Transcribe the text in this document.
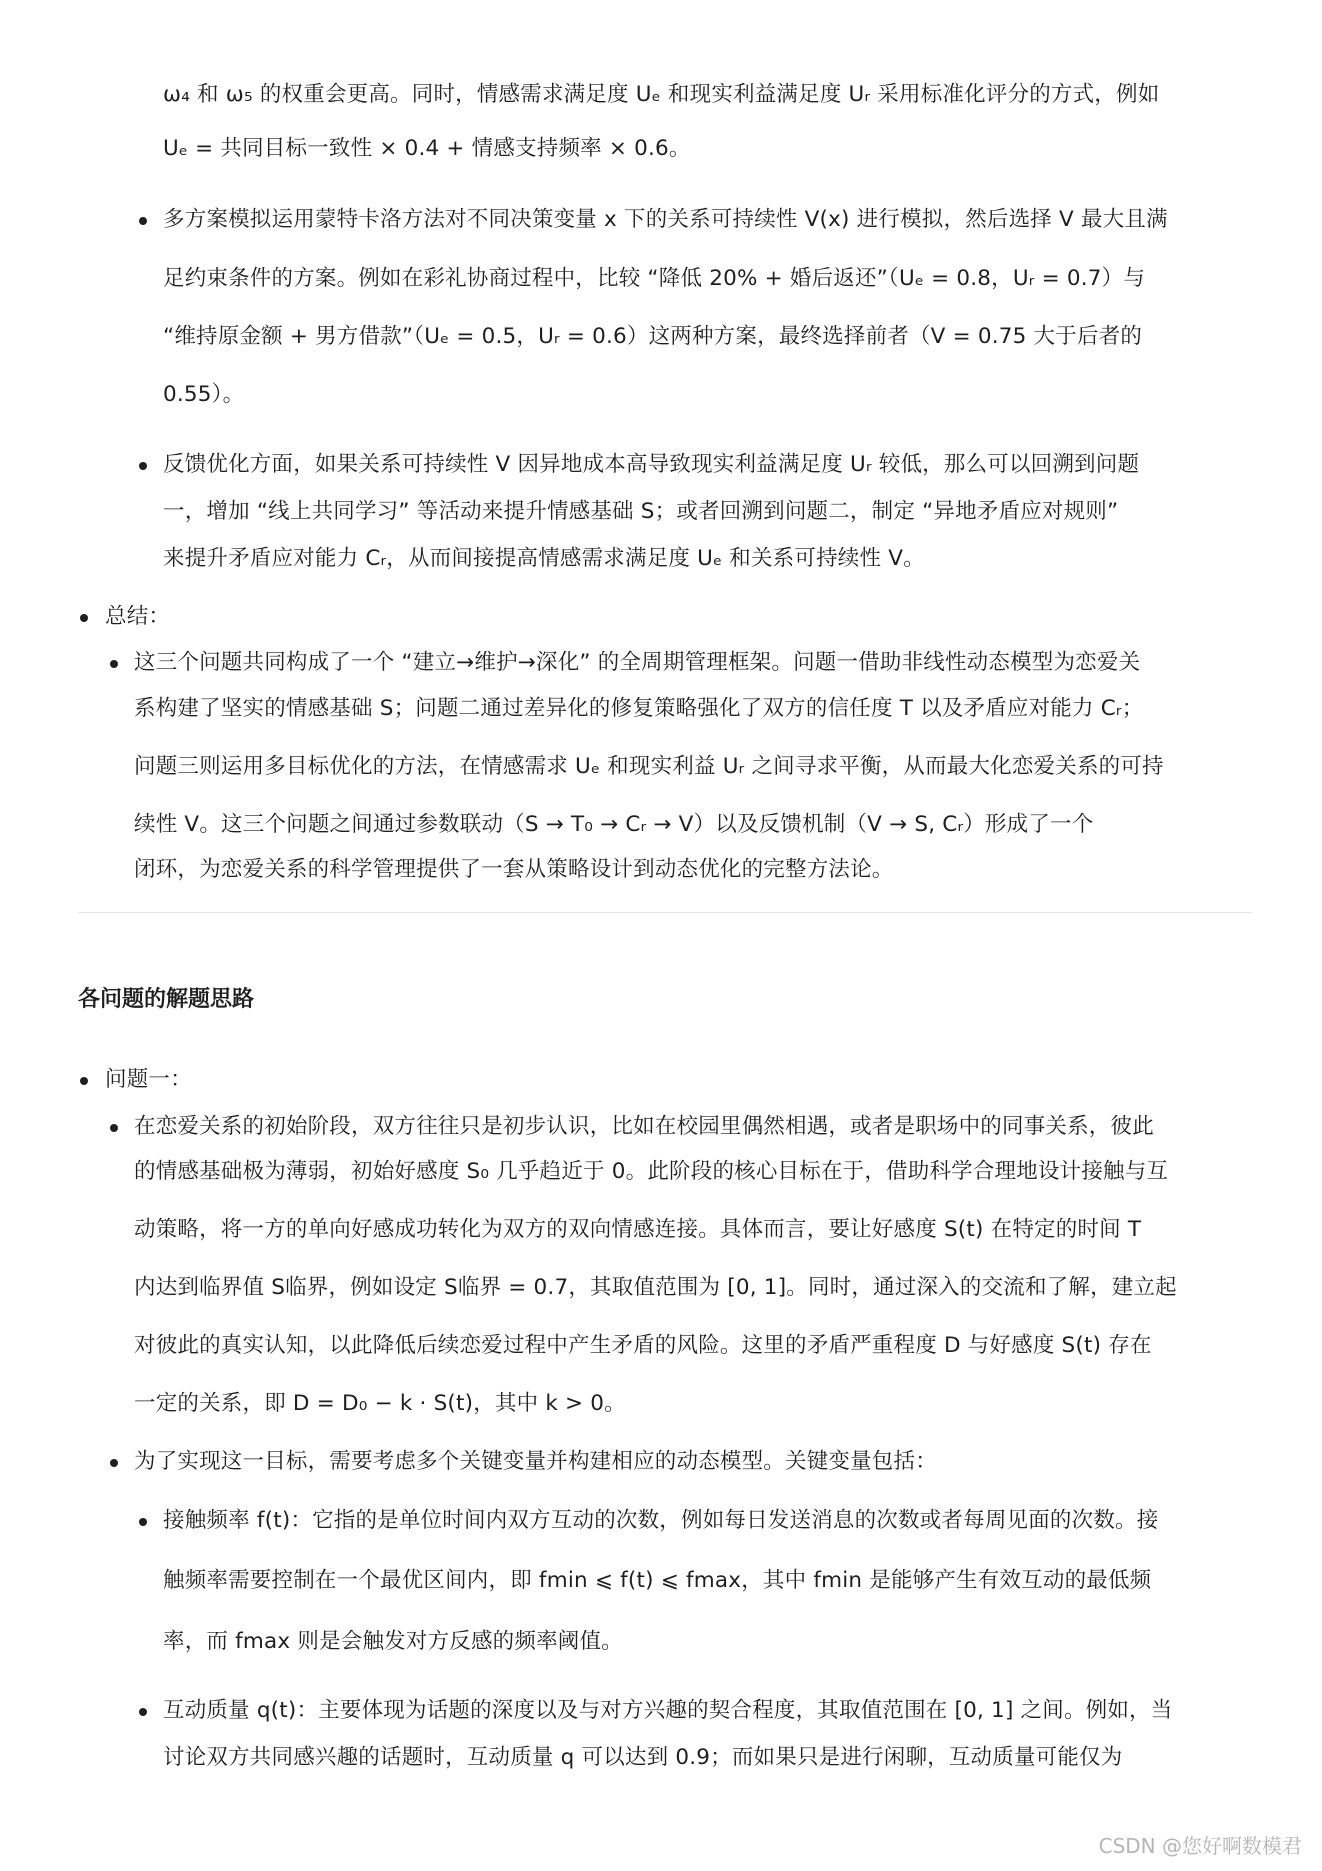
ω₄ 和 ω₅ 的权重会更高。同时，情感需求满足度 Uₑ 和现实利益满足度 Uᵣ 采用标准化评分的方式，例如
Uₑ = 共同目标一致性 × 0.4 + 情感支持频率 × 0.6。
多方案模拟运用蒙特卡洛方法对不同决策变量 x 下的关系可持续性 V(x) 进行模拟，然后选择 V 最大且满
足约束条件的方案。例如在彩礼协商过程中，比较 “降低 20% + 婚后返还”（Uₑ = 0.8，Uᵣ = 0.7）与
“维持原金额 + 男方借款”（Uₑ = 0.5，Uᵣ = 0.6）这两种方案，最终选择前者（V = 0.75 大于后者的
0.55）。
反馈优化方面，如果关系可持续性 V 因异地成本高导致现实利益满足度 Uᵣ 较低，那么可以回溯到问题
一，增加 “线上共同学习” 等活动来提升情感基础 S；或者回溯到问题二，制定 “异地矛盾应对规则”
来提升矛盾应对能力 Cᵣ，从而间接提高情感需求满足度 Uₑ 和关系可持续性 V。
总结：
这三个问题共同构成了一个 “建立→维护→深化” 的全周期管理框架。问题一借助非线性动态模型为恋爱关
系构建了坚实的情感基础 S；问题二通过差异化的修复策略强化了双方的信任度 T 以及矛盾应对能力 Cᵣ；
问题三则运用多目标优化的方法，在情感需求 Uₑ 和现实利益 Uᵣ 之间寻求平衡，从而最大化恋爱关系的可持
续性 V。这三个问题之间通过参数联动（S → T₀ → Cᵣ → V）以及反馈机制（V → S, Cᵣ）形成了一个
闭环，为恋爱关系的科学管理提供了一套从策略设计到动态优化的完整方法论。
各问题的解题思路
问题一：
在恋爱关系的初始阶段，双方往往只是初步认识，比如在校园里偶然相遇，或者是职场中的同事关系，彼此
的情感基础极为薄弱，初始好感度 S₀ 几乎趋近于 0。此阶段的核心目标在于，借助科学合理地设计接触与互
动策略，将一方的单向好感成功转化为双方的双向情感连接。具体而言，要让好感度 S(t) 在特定的时间 T
内达到临界值 S临界，例如设定 S临界 = 0.7，其取值范围为 [0, 1]。同时，通过深入的交流和了解，建立起
对彼此的真实认知，以此降低后续恋爱过程中产生矛盾的风险。这里的矛盾严重程度 D 与好感度 S(t) 存在
一定的关系，即 D = D₀ − k · S(t)，其中 k > 0。
为了实现这一目标，需要考虑多个关键变量并构建相应的动态模型。关键变量包括：
接触频率 f(t)：它指的是单位时间内双方互动的次数，例如每日发送消息的次数或者每周见面的次数。接
触频率需要控制在一个最优区间内，即 fmin ⩽ f(t) ⩽ fmax，其中 fmin 是能够产生有效互动的最低频
率，而 fmax 则是会触发对方反感的频率阈值。
互动质量 q(t)：主要体现为话题的深度以及与对方兴趣的契合程度，其取值范围在 [0, 1] 之间。例如，当
讨论双方共同感兴趣的话题时，互动质量 q 可以达到 0.9；而如果只是进行闲聊，互动质量可能仅为
CSDN @您好啊数模君
